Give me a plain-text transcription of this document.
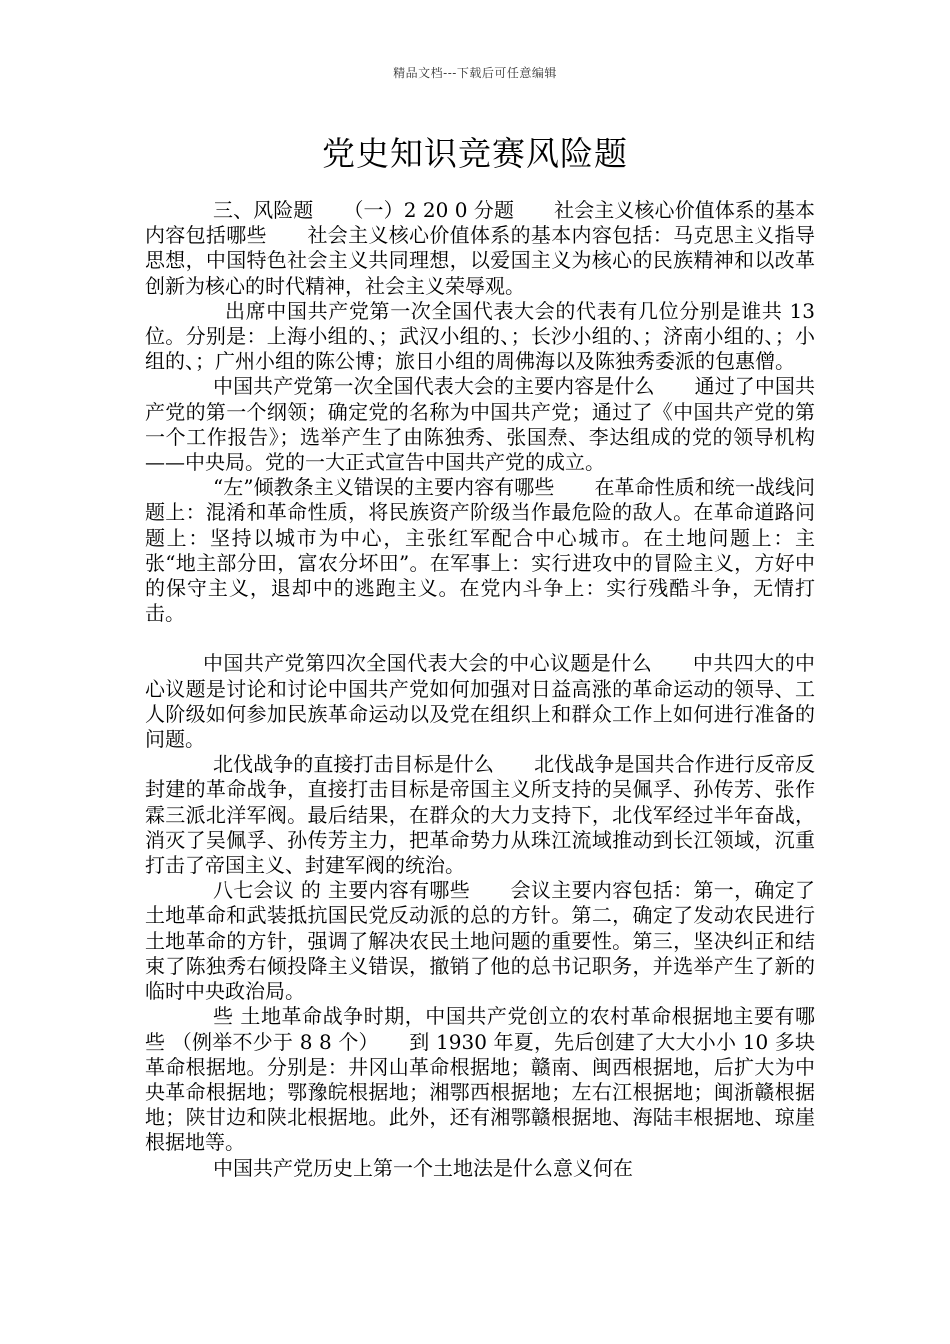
精品文档---下载后可任意编辑
党史知识竞赛风险题

三、风险题　　（一）2 20 0 分题　　社会主义核心价值体系的基本内容包括哪些　　社会主义核心价值体系的基本内容包括：马克思主义指导思想，中国特色社会主义共同理想，以爱国主义为核心的民族精神和以改革创新为核心的时代精神，社会主义荣辱观。

出席中国共产党第一次全国代表大会的代表有几位分别是谁共 13 位。分别是：上海小组的、；武汉小组的、；长沙小组的、；济南小组的、；小组的、；广州小组的陈公博；旅日小组的周佛海以及陈独秀委派的包惠僧。

中国共产党第一次全国代表大会的主要内容是什么　　通过了中国共产党的第一个纲领；确定党的名称为中国共产党；通过了《中国共产党的第一个工作报告》；选举产生了由陈独秀、张国焘、李达组成的党的领导机构——中央局。党的一大正式宣告中国共产党的成立。

“左”倾教条主义错误的主要内容有哪些　　在革命性质和统一战线问题上：混淆和革命性质，将民族资产阶级当作最危险的敌人。在革命道路问题上：坚持以城市为中心，主张红军配合中心城市。在土地问题上：主张“地主部分田，富农分坏田”。在军事上：实行进攻中的冒险主义，方好中的保守主义，退却中的逃跑主义。在党内斗争上：实行残酷斗争，无情打击。

中国共产党第四次全国代表大会的中心议题是什么　　中共四大的中心议题是讨论和讨论中国共产党如何加强对日益高涨的革命运动的领导、工人阶级如何参加民族革命运动以及党在组织上和群众工作上如何进行准备的问题。

北伐战争的直接打击目标是什么　　北伐战争是国共合作进行反帝反封建的革命战争，直接打击目标是帝国主义所支持的吴佩孚、孙传芳、张作霖三派北洋军阀。最后结果，在群众的大力支持下，北伐军经过半年奋战，消灭了吴佩孚、孙传芳主力，把革命势力从珠江流域推动到长江领域，沉重打击了帝国主义、封建军阀的统治。

八七会议 的 主要内容有哪些　　会议主要内容包括：第一，确定了土地革命和武装抵抗国民党反动派的总的方针。第二，确定了发动农民进行土地革命的方针，强调了解决农民土地问题的重要性。第三，坚决纠正和结束了陈独秀右倾投降主义错误，撤销了他的总书记职务，并选举产生了新的临时中央政治局。

些 土地革命战争时期，中国共产党创立的农村革命根据地主要有哪些 （例举不少于 8 8 个）　　到 1930 年夏，先后创建了大大小小 10 多块革命根据地。分别是：井冈山革命根据地；赣南、闽西根据地，后扩大为中央革命根据地；鄂豫皖根据地；湘鄂西根据地；左右江根据地；闽浙赣根据地；陕甘边和陕北根据地。此外，还有湘鄂赣根据地、海陆丰根据地、琼崖根据地等。

中国共产党历史上第一个土地法是什么意义何在
